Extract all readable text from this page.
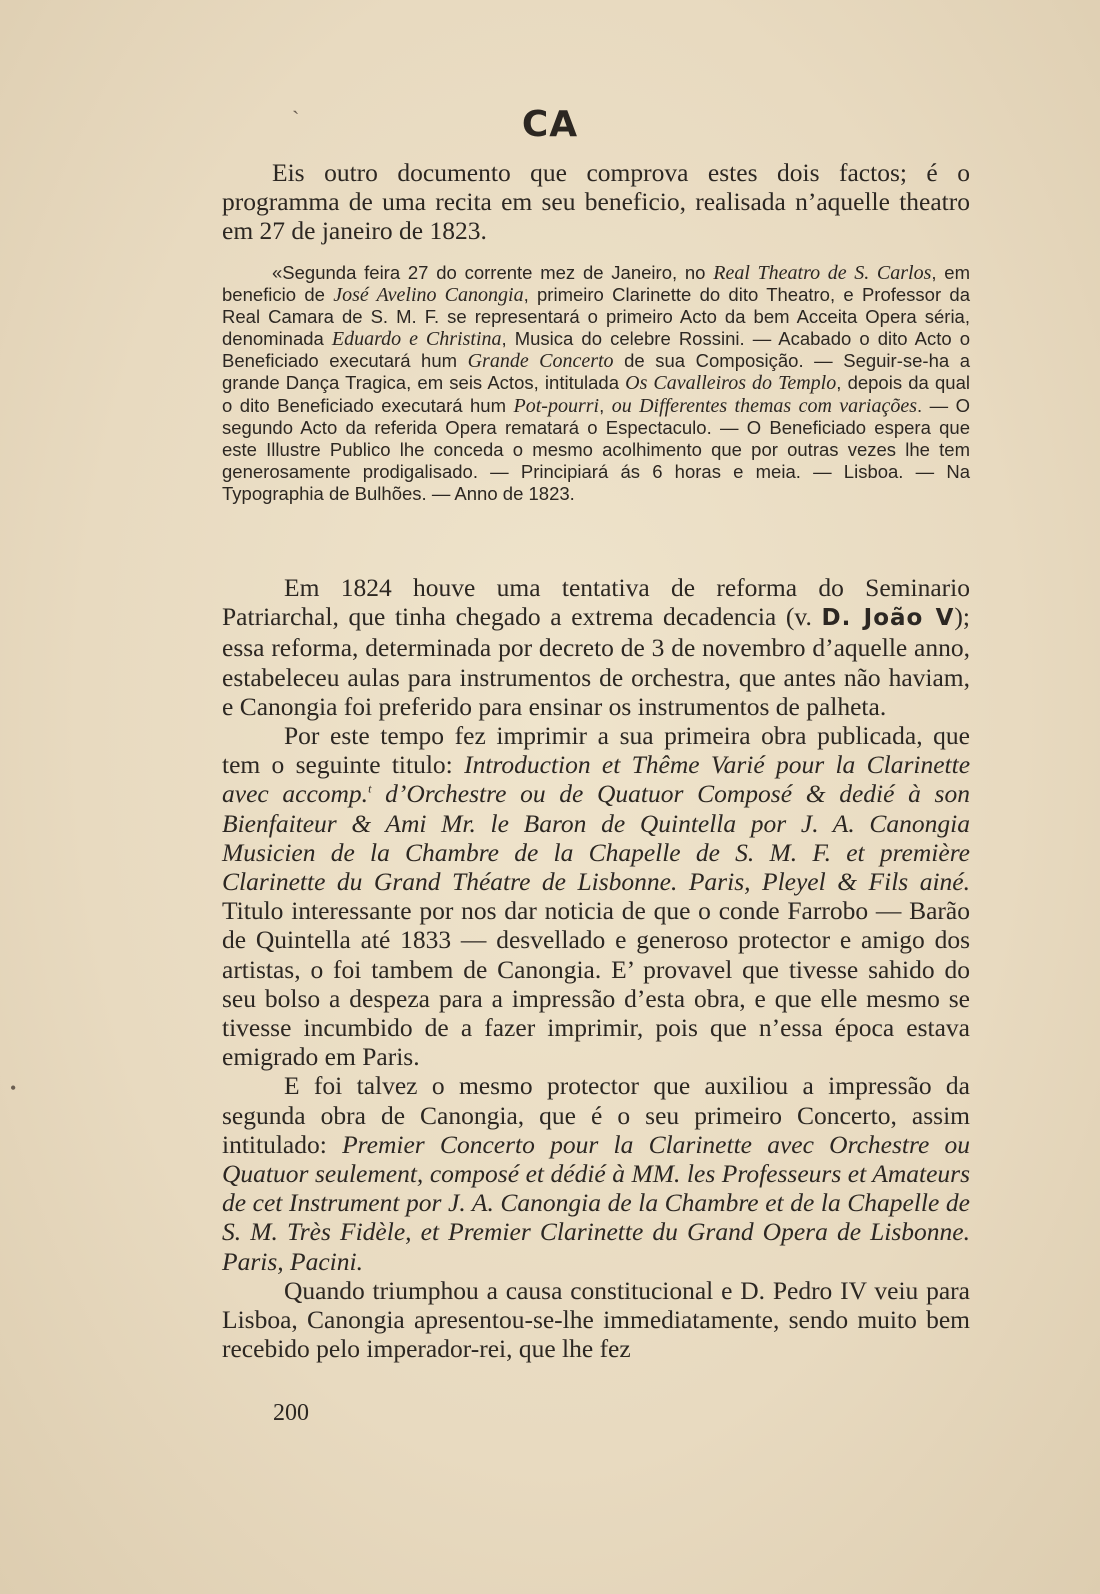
ˋ
•
CA

Eis outro documento que comprova estes dois factos; é o programma de uma recita em seu beneficio, realisada n’aquelle theatro em 27 de janeiro de 1823.

«Segunda feira 27 do corrente mez de Janeiro, no Real Theatro de S. Carlos, em beneficio de José Avelino Canongia, primeiro Clarinette do dito Theatro, e Professor da Real Camara de S. M. F. se representará o primeiro Acto da bem Acceita Opera séria, denominada Eduardo e Christina, Musica do celebre Rossini. — Acabado o dito Acto o Beneficiado executará hum Grande Concerto de sua Composição. — Seguir-se-ha a grande Dança Tragica, em seis Actos, intitulada Os Cavalleiros do Templo, depois da qual o dito Beneficiado executará hum Pot-pourri, ou Differentes themas com variações. — O segundo Acto da referida Opera rematará o Espectaculo. — O Beneficiado espera que este Illustre Publico lhe conceda o mesmo acolhimento que por outras vezes lhe tem generosamente prodigalisado. — Principiará ás 6 horas e meia. — Lisboa. — Na Typographia de Bulhões. — Anno de 1823.

Em 1824 houve uma tentativa de reforma do Seminario Patriarchal, que tinha chegado a extrema decadencia (v. D. João V); essa reforma, determinada por decreto de 3 de novembro d’aquelle anno, estabeleceu aulas para instrumentos de orchestra, que antes não haviam, e Canongia foi preferido para ensinar os instrumentos de palheta.

Por este tempo fez imprimir a sua primeira obra publicada, que tem o seguinte titulo: Introduction et Thême Varié pour la Clarinette avec accomp.$^t$ d’Orchestre ou de Quatuor Composé & dedié à son Bienfaiteur & Ami Mr. le Baron de Quintella por J. A. Canongia Musicien de la Chambre de la Chapelle de S. M. F. et première Clarinette du Grand Théatre de Lisbonne. Paris, Pleyel & Fils ainé. Titulo interessante por nos dar noticia de que o conde Farrobo — Barão de Quintella até 1833 — desvellado e generoso protector e amigo dos artistas, o foi tambem de Canongia. E’ provavel que tivesse sahido do seu bolso a despeza para a impressão d’esta obra, e que elle mesmo se tivesse incumbido de a fazer imprimir, pois que n’essa época estava emigrado em Paris.

E foi talvez o mesmo protector que auxiliou a impressão da segunda obra de Canongia, que é o seu primeiro Concerto, assim intitulado: Premier Concerto pour la Clarinette avec Orchestre ou Quatuor seulement, composé et dédié à MM. les Professeurs et Amateurs de cet Instrument por J. A. Canongia de la Chambre et de la Chapelle de S. M. Très Fidèle, et Premier Clarinette du Grand Opera de Lisbonne. Paris, Pacini.

Quando triumphou a causa constitucional e D. Pedro IV veiu para Lisboa, Canongia apresentou-se-lhe immediatamente, sendo muito bem recebido pelo imperador-rei, que lhe fez

200
